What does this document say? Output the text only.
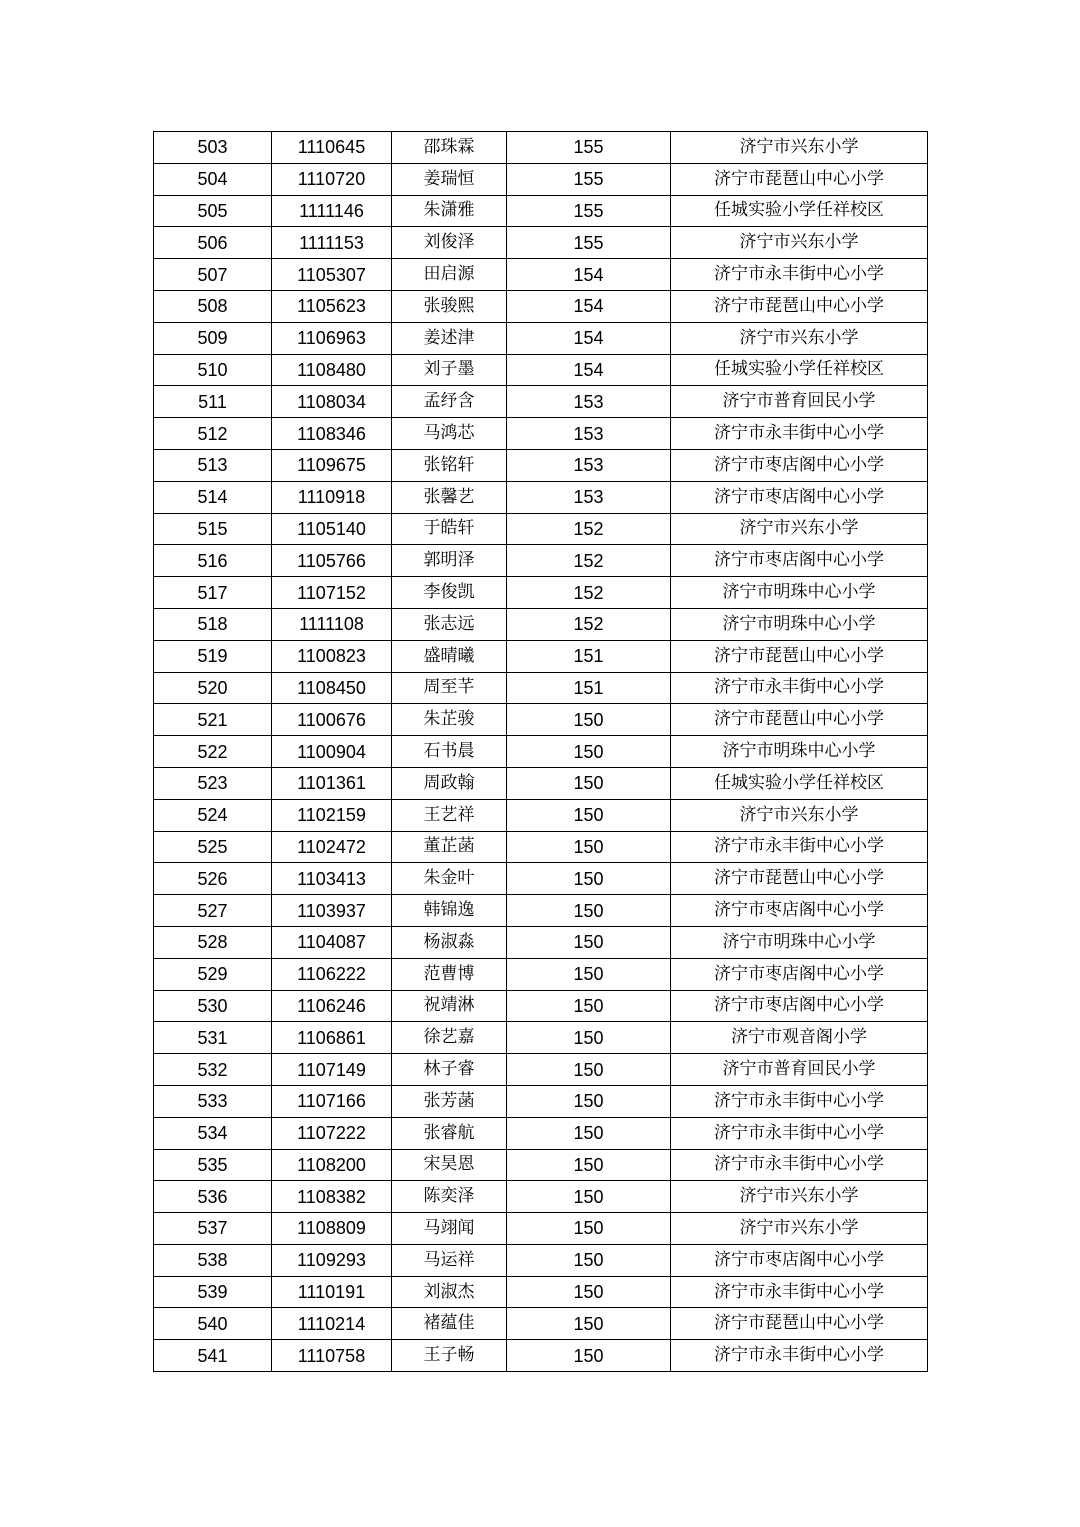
503	1110645	邵珠霖	155	济宁市兴东小学
504	1110720	姜瑞恒	155	济宁市琵琶山中心小学
505	1111146	朱潇雅	155	任城实验小学任祥校区
506	1111153	刘俊泽	155	济宁市兴东小学
507	1105307	田启源	154	济宁市永丰街中心小学
508	1105623	张骏熙	154	济宁市琵琶山中心小学
509	1106963	姜述津	154	济宁市兴东小学
510	1108480	刘子墨	154	任城实验小学任祥校区
511	1108034	孟纾含	153	济宁市普育回民小学
512	1108346	马鸿芯	153	济宁市永丰街中心小学
513	1109675	张铭轩	153	济宁市枣店阁中心小学
514	1110918	张馨艺	153	济宁市枣店阁中心小学
515	1105140	于皓轩	152	济宁市兴东小学
516	1105766	郭明泽	152	济宁市枣店阁中心小学
517	1107152	李俊凯	152	济宁市明珠中心小学
518	1111108	张志远	152	济宁市明珠中心小学
519	1100823	盛晴曦	151	济宁市琵琶山中心小学
520	1108450	周至芊	151	济宁市永丰街中心小学
521	1100676	朱芷骏	150	济宁市琵琶山中心小学
522	1100904	石书晨	150	济宁市明珠中心小学
523	1101361	周政翰	150	任城实验小学任祥校区
524	1102159	王艺祥	150	济宁市兴东小学
525	1102472	董芷菡	150	济宁市永丰街中心小学
526	1103413	朱金叶	150	济宁市琵琶山中心小学
527	1103937	韩锦逸	150	济宁市枣店阁中心小学
528	1104087	杨淑淼	150	济宁市明珠中心小学
529	1106222	范曹博	150	济宁市枣店阁中心小学
530	1106246	祝靖淋	150	济宁市枣店阁中心小学
531	1106861	徐艺嘉	150	济宁市观音阁小学
532	1107149	林子睿	150	济宁市普育回民小学
533	1107166	张芳菡	150	济宁市永丰街中心小学
534	1107222	张睿航	150	济宁市永丰街中心小学
535	1108200	宋昊恩	150	济宁市永丰街中心小学
536	1108382	陈奕泽	150	济宁市兴东小学
537	1108809	马翊闻	150	济宁市兴东小学
538	1109293	马运祥	150	济宁市枣店阁中心小学
539	1110191	刘淑杰	150	济宁市永丰街中心小学
540	1110214	褚蕴佳	150	济宁市琵琶山中心小学
541	1110758	王子畅	150	济宁市永丰街中心小学
